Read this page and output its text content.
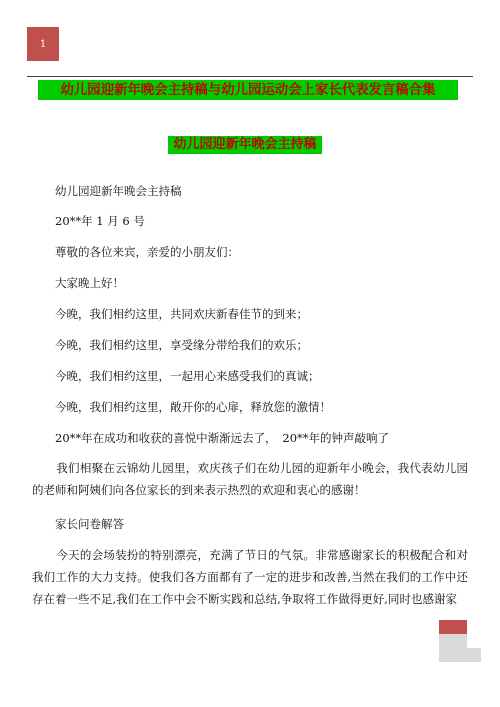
1
幼儿园迎新年晚会主持稿与幼儿园运动会上家长代表发言稿合集
幼儿园迎新年晚会主持稿
幼儿园迎新年晚会主持稿
20**年 1 月 6 号
尊敬的各位来宾，亲爱的小朋友们：
大家晚上好！
今晚，我们相约这里，共同欢庆新春佳节的到来；
今晚，我们相约这里，享受缘分带给我们的欢乐；
今晚，我们相约这里，一起用心来感受我们的真诚；
今晚，我们相约这里，敞开你的心扉，释放您的激情！
20**年在成功和收获的喜悦中渐渐远去了，　20**年的钟声敲响了
我们相聚在云锦幼儿园里，欢庆孩子们在幼儿园的迎新年小晚会，我代表幼儿园的老师和阿姨们向各位家长的到来表示热烈的欢迎和衷心的感谢！
家长问卷解答
今天的会场装扮的特别漂亮，充满了节日的气氛。非常感谢家长的积极配合和对我们工作的大力支持。使我们各方面都有了一定的进步和改善,当然在我们的工作中还存在着一些不足,我们在工作中会不断实践和总结,争取将工作做得更好,同时也感谢家
